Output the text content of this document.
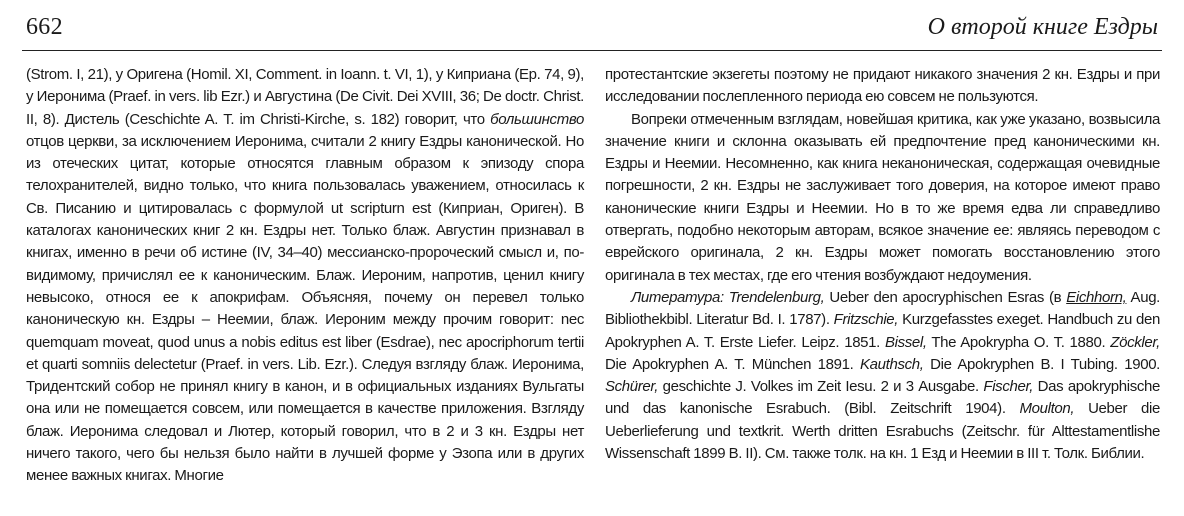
662	О второй книге Ездры

(Strom. I, 21), у Оригена (Homil. XI, Comment. in Ioann. t. VI, 1), у Киприана (Ep. 74, 9), у Иеронима (Praef. in vers. lib Ezr.) и Августина (De Civit. Dei XVIII, 36; De doctr. Christ. II, 8). Дистель (Ceschichte A. T. im Christi-Kirche, s. 182) говорит, что большинство отцов церкви, за исключением Иеронима, считали 2 книгу Ездры канонической. Но из отеческих цитат, которые относятся главным образом к эпизоду спора телохранителей, видно только, что книга пользовалась уважением, относилась к Св. Писанию и цитировалась с формулой ut scripturn est (Киприан, Ориген). В каталогах канонических книг 2 кн. Ездры нет. Только блаж. Августин признавал в книгах, именно в речи об истине (IV, 34–40) мессианско-пророческий смысл и, по-видимому, причислял ее к каноническим. Блаж. Иероним, напротив, ценил книгу невысоко, относя ее к апокрифам. Объясняя, почему он перевел только каноническую кн. Ездры – Неемии, блаж. Иероним между прочим говорит: nec quemquam moveat, quod unus a nobis editus est liber (Esdrae), nec apocriphorum tertii et quarti somniis delectetur (Praef. in vers. Lib. Ezr.). Следуя взгляду блаж. Иеронима, Тридентский собор не принял книгу в канон, и в официальных изданиях Вульгаты она или не помещается совсем, или помещается в качестве приложения. Взгляду блаж. Иеронима следовал и Лютер, который говорил, что в 2 и 3 кн. Ездры нет ничего такого, чего бы нельзя было найти в лучшей форме у Эзопа или в других менее важных книгах. Многие

протестантские экзегеты поэтому не придают никакого значения 2 кн. Ездры и при исследовании послепленного периода ею совсем не пользуются.

Вопреки отмеченным взглядам, новейшая критика, как уже указано, возвысила значение книги и склонна оказывать ей предпочтение пред каноническими кн. Ездры и Неемии. Несомненно, как книга неканоническая, содержащая очевидные погрешности, 2 кн. Ездры не заслуживает того доверия, на которое имеют право канонические книги Ездры и Неемии. Но в то же время едва ли справедливо отвергать, подобно некоторым авторам, всякое значение ее: являясь переводом с еврейского оригинала, 2 кн. Ездры может помогать восстановлению этого оригинала в тех местах, где его чтения возбуждают недоумения.

Литература: Trendelenburg, Ueber den apocryphischen Esras (в Eichhorn, Aug. Bibliothekbibl. Literatur Bd. I. 1787). Fritzschie, Kurzgefasstes exeget. Handbuch zu den Apokryphen A. T. Erste Liefer. Leipz. 1851. Bissel, The Apokrypha O. T. 1880. Zöckler, Die Apokryphen A. T. München 1891. Kauthsch, Die Apokryphen B. I Tubing. 1900. Schürer, geschichte J. Volkes im Zeit Iesu. 2 и 3 Ausgabe. Fischer, Das apokryphische und das kanonische Esrabuch. (Bibl. Zeitschrift 1904). Moulton, Ueber die Ueberlieferung und textkrit. Werth dritten Esrabuchs (Zeitschr. für Alttestamentlishe Wissenschaft 1899 B. II). См. также толк. на кн. 1 Езд и Неемии в III т. Толк. Библии.
